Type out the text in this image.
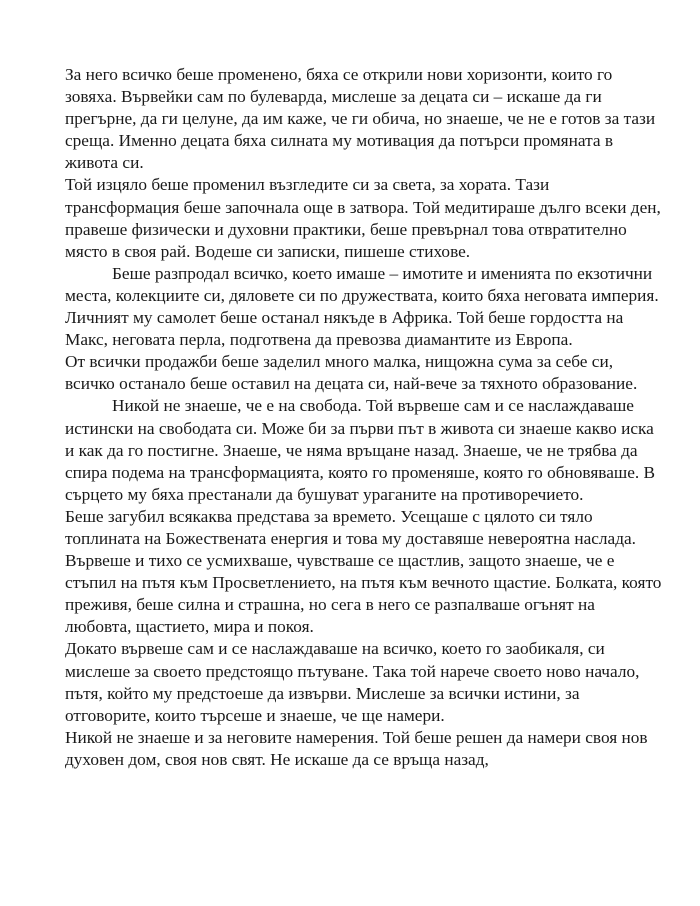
За него всичко беше променено, бяха се открили нови хоризонти, които го зовяха. Вървейки сам по булеварда, мислеше за децата си – искаше да ги прегърне, да ги целуне, да им каже, че ги обича, но знаеше, че не е готов за тази среща. Именно децата бяха силната му мотивация да потърси промяната в живота си.

Той изцяло беше променил възгледите си за света, за хората. Тази трансформация беше започнала още в затвора. Той медитираше дълго всеки ден, правеше физически и духовни практики, беше превърнал това отвратително място в своя рай. Водеше си записки, пишеше стихове.

Беше разпродал всичко, което имаше – имотите и именията по екзотични места, колекциите си, дяловете си по дружествата, които бяха неговата империя. Личният му самолет беше останал някъде в Африка. Той беше гордостта на Макс, неговата перла, подготвена да превозва диамантите из Европа.

От всички продажби беше заделил много малка, нищожна сума за себе си, всичко останало беше оставил на децата си, най-вече за тяхното образование.

Никой не знаеше, че е на свобода. Той вървеше сам и се наслаждаваше истински на свободата си. Може би за първи път в живота си знаеше какво иска и как да го постигне. Знаеше, че няма връщане назад. Знаеше, че не трябва да спира подема на трансформацията, която го променяше, която го обновяваше. В сърцето му бяха престанали да бушуват ураганите на противоречието.

Беше загубил всякаква представа за времето. Усещаше с цялото си тяло топлината на Божествената енергия и това му доставяше невероятна наслада. Вървеше и тихо се усмихваше, чувстваше се щастлив, защото знаеше, че е стъпил на пътя към Просветлението, на пътя към вечното щастие. Болката, която преживя, беше силна и страшна, но сега в него се разпалваше огънят на любовта, щастието, мира и покоя.

Докато вървеше сам и се наслаждаваше на всичко, което го заобикаля, си мислеше за своето предстоящо пътуване. Така той нарече своето ново начало, пътя, който му предстоеше да извърви. Мислеше за всички истини, за отговорите, които търсеше и знаеше, че ще намери.

Никой не знаеше и за неговите намерения. Той беше решен да намери своя нов духовен дом, своя нов свят. Не искаше да се връща назад,
